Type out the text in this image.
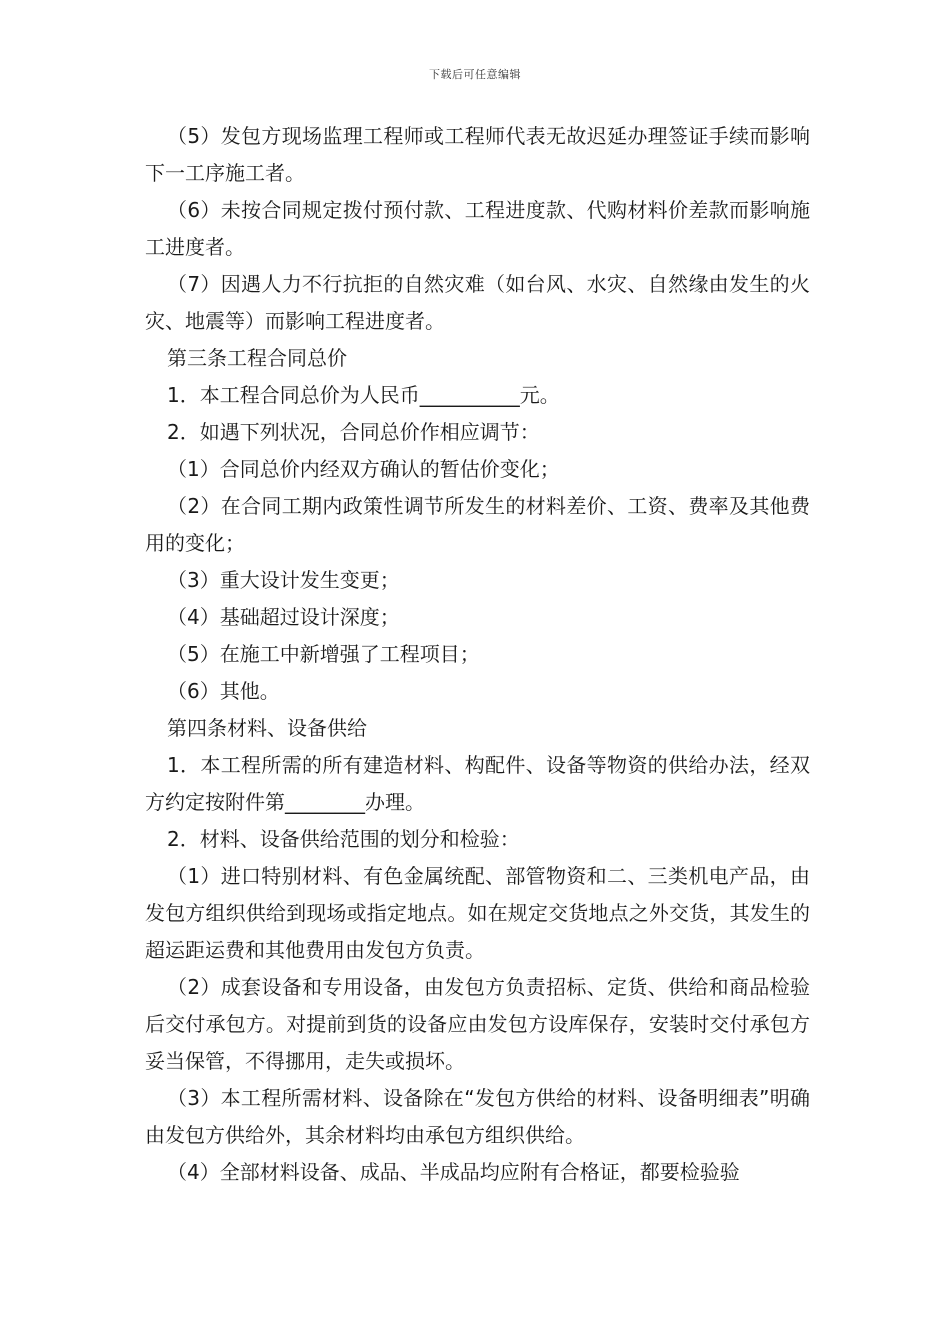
下载后可任意编辑

（5）发包方现场监理工程师或工程师代表无故迟延办理签证手续而影响下一工序施工者。

（6）未按合同规定拨付预付款、工程进度款、代购材料价差款而影响施工进度者。

（7）因遇人力不行抗拒的自然灾难（如台风、水灾、自然缘由发生的火灾、地震等）而影响工程进度者。

第三条工程合同总价

1．本工程合同总价为人民币__________元。

2．如遇下列状况，合同总价作相应调节：

（1）合同总价内经双方确认的暂估价变化；

（2）在合同工期内政策性调节所发生的材料差价、工资、费率及其他费用的变化；

（3）重大设计发生变更；

（4）基础超过设计深度；

（5）在施工中新增强了工程项目；

（6）其他。

第四条材料、设备供给

1．本工程所需的所有建造材料、构配件、设备等物资的供给办法，经双方约定按附件第________办理。

2．材料、设备供给范围的划分和检验：

（1）进口特别材料、有色金属统配、部管物资和二、三类机电产品，由发包方组织供给到现场或指定地点。如在规定交货地点之外交货，其发生的超运距运费和其他费用由发包方负责。

（2）成套设备和专用设备，由发包方负责招标、定货、供给和商品检验后交付承包方。对提前到货的设备应由发包方设库保存，安装时交付承包方妥当保管，不得挪用，走失或损坏。

（3）本工程所需材料、设备除在“发包方供给的材料、设备明细表”明确由发包方供给外，其余材料均由承包方组织供给。

（4）全部材料设备、成品、半成品均应附有合格证，都要检验验
